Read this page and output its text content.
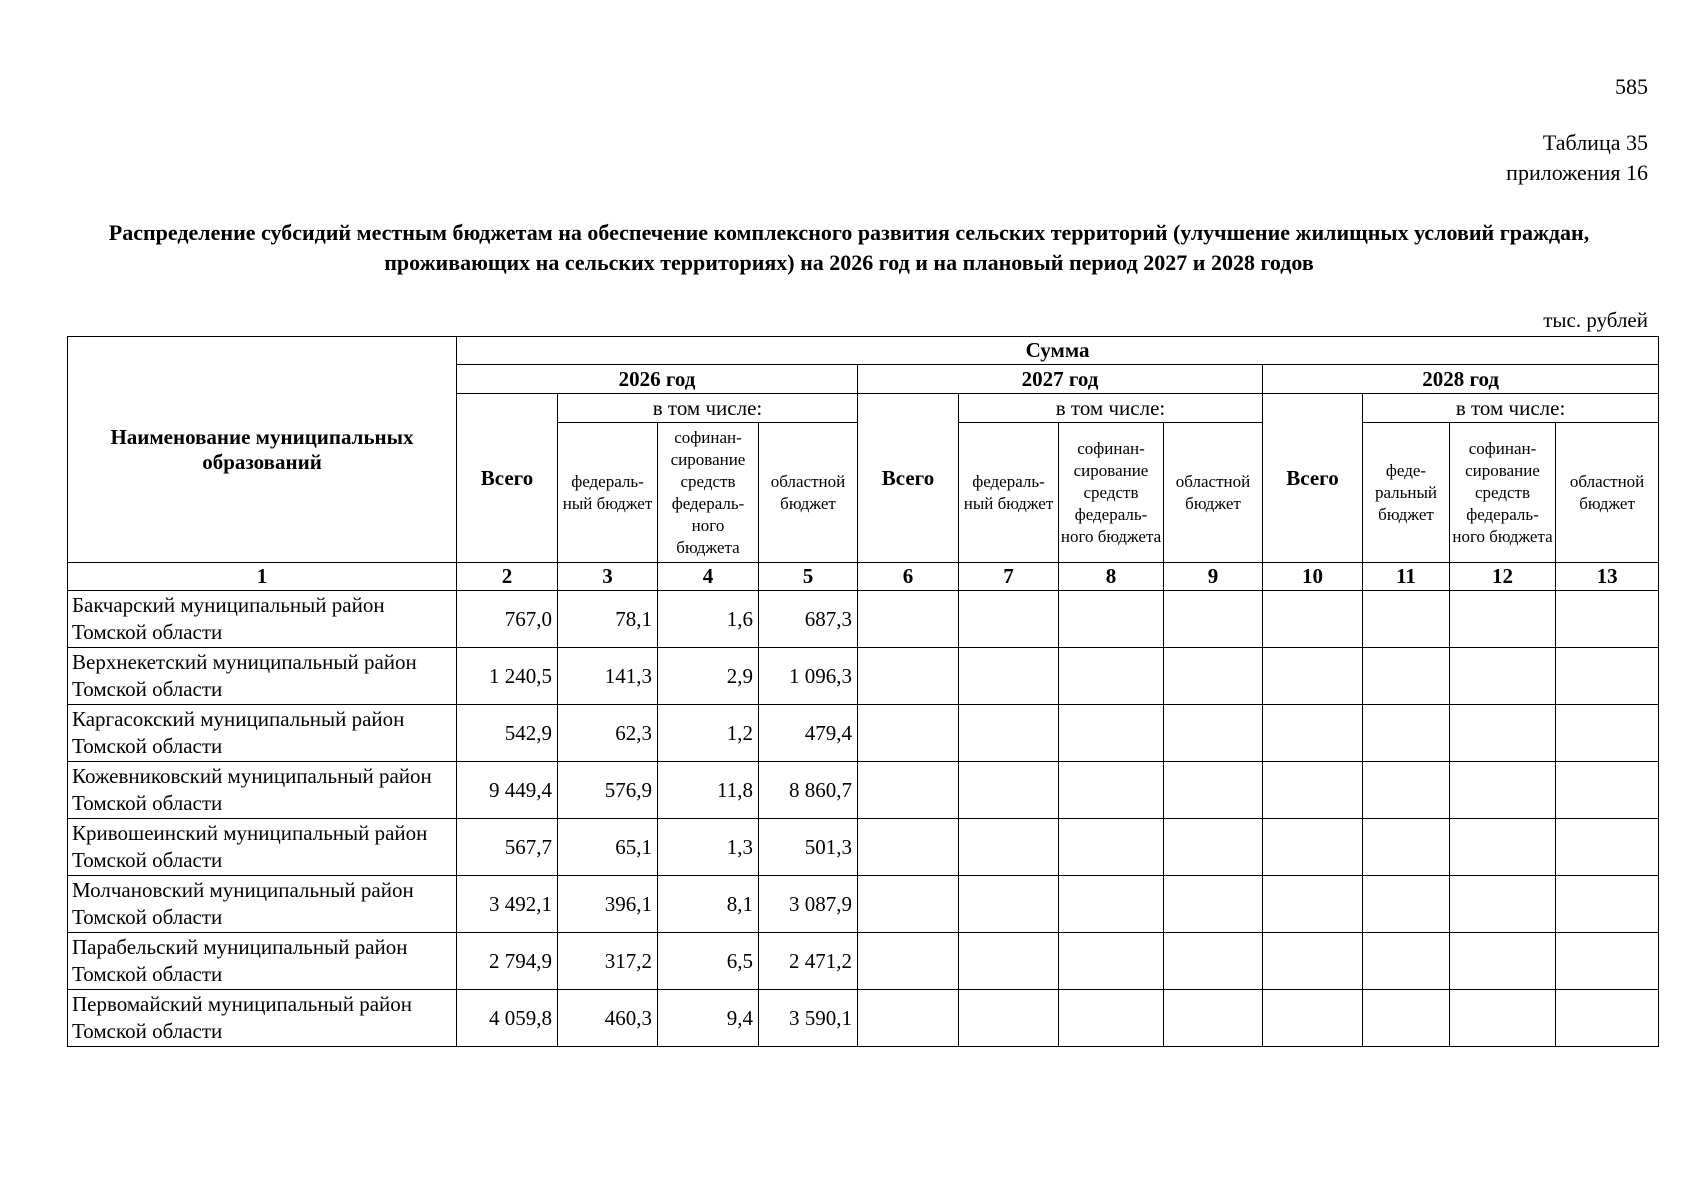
585
Таблица 35
приложения 16
Распределение субсидий местным бюджетам на обеспечение комплексного развития сельских территорий (улучшение жилищных условий граждан, проживающих на сельских территориях) на 2026 год и на плановый период 2027 и 2028 годов
тыс. рублей
Наименование муниципальных образований	Сумма											
	2026 год				2027 год				2028 год			
	Всего	в том числе:			Всего	в том числе:			Всего	в том числе:		
		федераль-ный бюджет	софинан-сирование средств федераль-ного бюджета	областной бюджет		федераль-ный бюджет	софинан-сирование средств федераль-ного бюджета	областной бюджет		феде-ральный бюджет	софинан-сирование средств федераль-ного бюджета	областной бюджет
1	2	3	4	5	6	7	8	9	10	11	12	13
Бакчарский муниципальный район Томской области	767,0	78,1	1,6	687,3								
Верхнекетский муниципальный район Томской области	1 240,5	141,3	2,9	1 096,3								
Каргасокский муниципальный район Томской области	542,9	62,3	1,2	479,4								
Кожевниковский муниципальный район Томской области	9 449,4	576,9	11,8	8 860,7								
Кривошеинский муниципальный район Томской области	567,7	65,1	1,3	501,3								
Молчановский муниципальный район Томской области	3 492,1	396,1	8,1	3 087,9								
Парабельский муниципальный район Томской области	2 794,9	317,2	6,5	2 471,2								
Первомайский муниципальный район Томской области	4 059,8	460,3	9,4	3 590,1								
